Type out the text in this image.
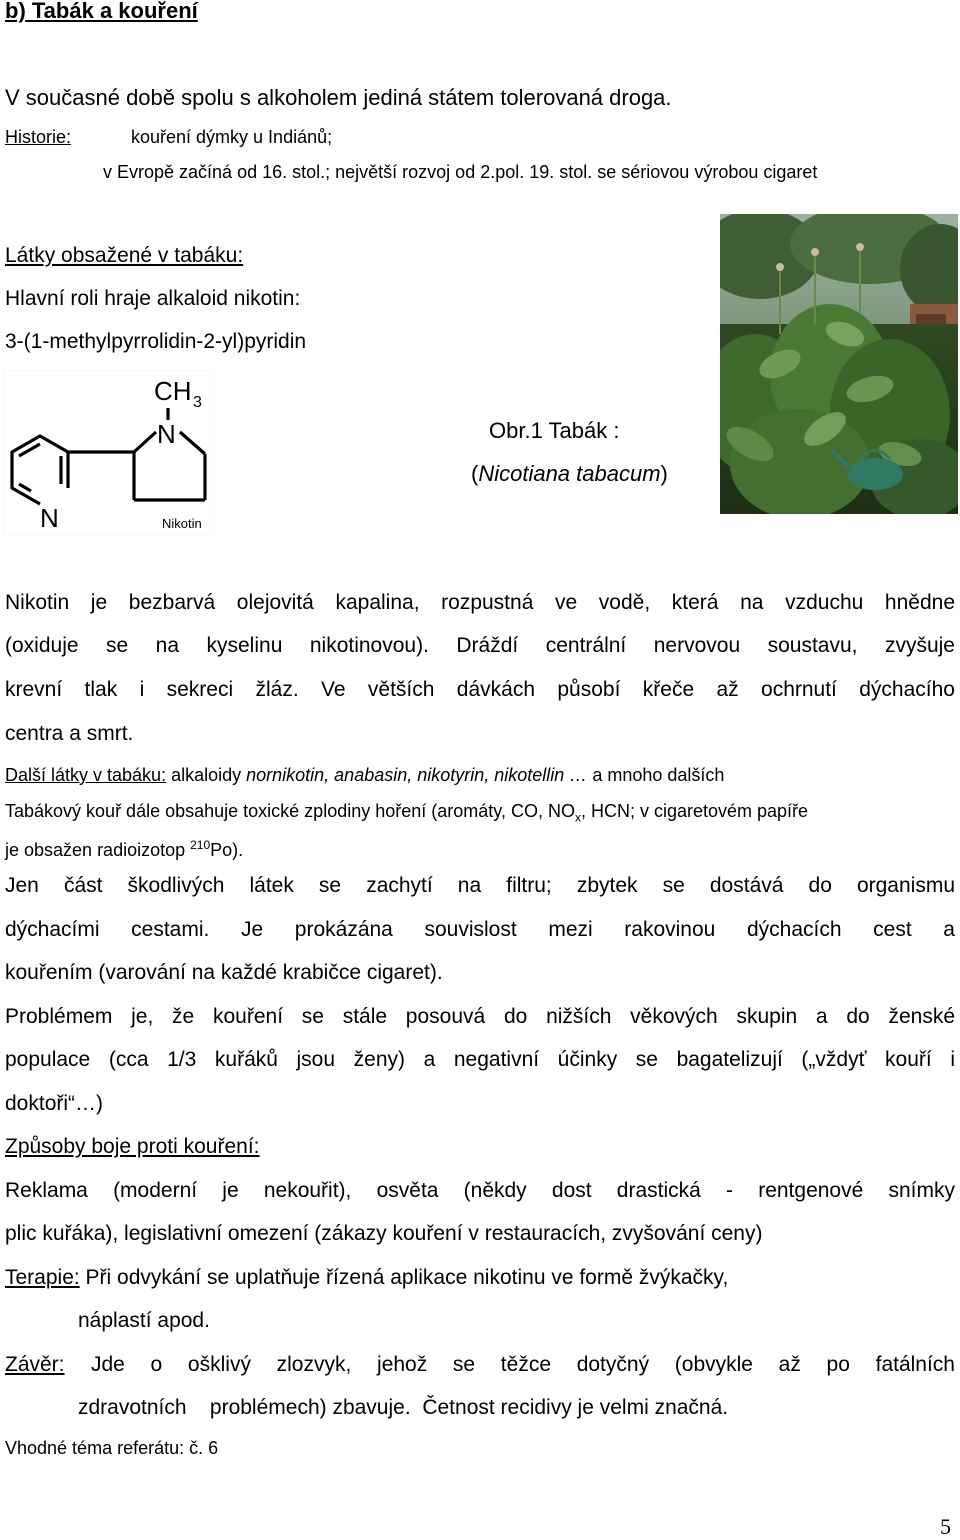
b) Tabák a kouření
V současné době spolu s alkoholem jediná státem tolerovaná droga.
Historie:	kouření dýmky u Indiánů;
v Evropě začíná od 16. stol.; největší rozvoj od 2.pol. 19. stol. se sériovou výrobou cigaret
Látky obsažené v tabáku:
Hlavní roli hraje alkaloid nikotin:
3-(1-methylpyrrolidin-2-yl)pyridin
CH 3
N
N	Nikotin
Obr.1 Tabák :
(Nicotiana tabacum)
Nikotin je bezbarvá olejovitá kapalina, rozpustná ve vodě, která na vzduchu hnědne
(oxiduje se na kyselinu nikotinovou). Dráždí centrální nervovou soustavu, zvyšuje
krevní tlak i sekreci žláz. Ve větších dávkách působí křeče až ochrnutí dýchacího
centra a smrt.
Další látky v tabáku: alkaloidy nornikotin, anabasin, nikotyrin, nikotellin … a mnoho dalších
Tabákový kouř dále obsahuje toxické zplodiny hoření (aromáty, CO, $NO_x$, HCN; v cigaretovém papíře
je obsažen radioizotop $^{210}$Po).
Jen část škodlivých látek se zachytí na filtru; zbytek se dostává do organismu
dýchacími cestami. Je prokázána souvislost mezi rakovinou dýchacích cest a
kouřením (varování na každé krabičce cigaret).
Problémem je, že kouření se stále posouvá do nižších věkových skupin a do ženské
populace (cca 1/3 kuřáků jsou ženy) a negativní účinky se bagatelizují („vždyť kouří i
doktoři“…)
Způsoby boje proti kouření:
Reklama (moderní je nekouřit), osvěta (někdy dost drastická - rentgenové snímky
plic kuřáka), legislativní omezení (zákazy kouření v restauracích, zvyšování ceny)
Terapie: Při odvykání se uplatňuje řízená aplikace nikotinu ve formě žvýkačky,
náplastí apod.
Závěr: Jde o ošklivý zlozvyk, jehož se těžce dotyčný (obvykle až po fatálních
zdravotních    problémech) zbavuje.  Četnost recidivy je velmi značná.
Vhodné téma referátu: č. 6
5
